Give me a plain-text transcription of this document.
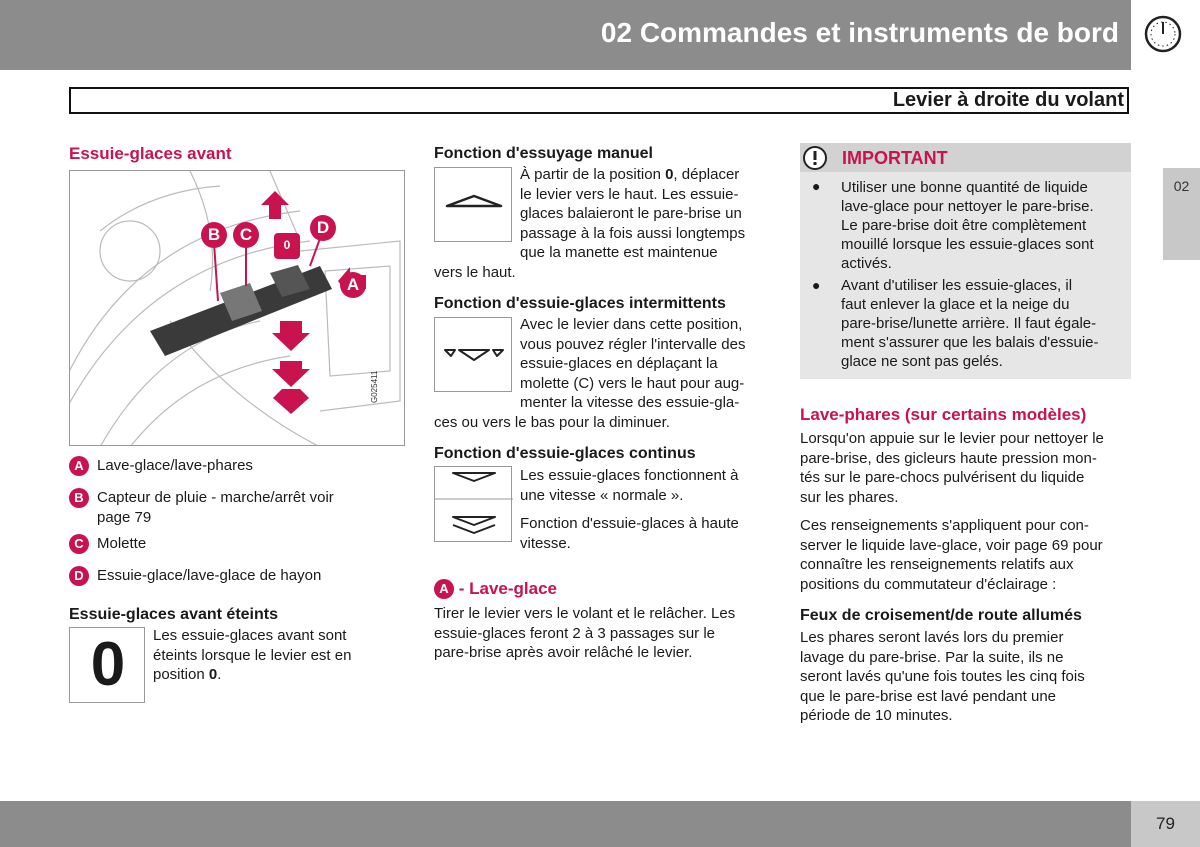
02 Commandes et instruments de bord
Levier à droite du volant
02
Essuie-glaces avant
B	C	D
A
0
G025411
A Lave-glace/lave-phares
B Capteur de pluie - marche/arrêt voir
page 79
C Molette
D Essuie-glace/lave-glace de hayon
Essuie-glaces avant éteints
0	Les essuie-glaces avant sont
éteints lorsque le levier est en
position 0.
Fonction d'essuyage manuel
À partir de la position 0, déplacer
le levier vers le haut. Les essuie-
glaces balaieront le pare-brise un
passage à la fois aussi longtemps
que la manette est maintenue
vers le haut.
Fonction d'essuie-glaces intermittents
Avec le levier dans cette position,
vous pouvez régler l'intervalle des
essuie-glaces en déplaçant la
molette (C) vers le haut pour aug-
menter la vitesse des essuie-gla-
ces ou vers le bas pour la diminuer.
Fonction d'essuie-glaces continus
Les essuie-glaces fonctionnent à
une vitesse « normale ».
Fonction d'essuie-glaces à haute
vitesse.
A - Lave-glace
Tirer le levier vers le volant et le relâcher. Les
essuie-glaces feront 2 à 3 passages sur le
pare-brise après avoir relâché le levier.
IMPORTANT
● Utiliser une bonne quantité de liquide
lave-glace pour nettoyer le pare-brise.
Le pare-brise doit être complètement
mouillé lorsque les essuie-glaces sont
activés.
● Avant d'utiliser les essuie-glaces, il
faut enlever la glace et la neige du
pare-brise/lunette arrière. Il faut égale-
ment s'assurer que les balais d'essuie-
glace ne sont pas gelés.
Lave-phares (sur certains modèles)
Lorsqu'on appuie sur le levier pour nettoyer le
pare-brise, des gicleurs haute pression mon-
tés sur le pare-chocs pulvérisent du liquide
sur les phares.
Ces renseignements s'appliquent pour con-
server le liquide lave-glace, voir page 69 pour
connaître les renseignements relatifs aux
positions du commutateur d'éclairage :
Feux de croisement/de route allumés
Les phares seront lavés lors du premier
lavage du pare-brise. Par la suite, ils ne
seront lavés qu'une fois toutes les cinq fois
que le pare-brise est lavé pendant une
période de 10 minutes.
79
